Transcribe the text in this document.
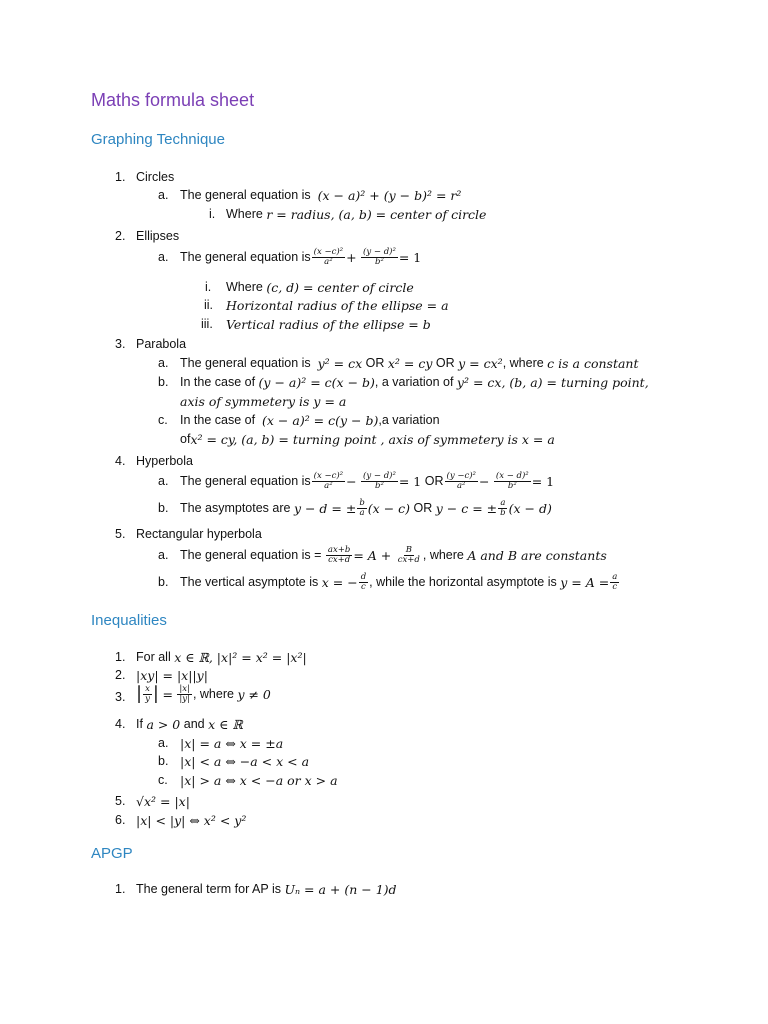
Maths formula sheet
Graphing Technique
1. Circles
a. The general equation is
(x − a)² + (y − b)² = r²
i. Where
r = radius, (a, b) = center of circle
2. Ellipses
a. The general equation is $\frac{\text{(x −c)²}}{\text{a²}}$ +
$\frac{\text{(y − d)²}}{\text{b²}} = 1$
i.	Where
(c, d) = center of circle
ii.	Horizontal radius of the ellipse = a
iii.	Vertical radius of the ellipse = b
3. Parabola
a. The general equation is
y² = cx
OR
x² = cy
OR
y = cx² , where
c is a constant
b. In the case of
(y − a)² = c(x − b) , a variation of
y² = cx, (b, a) = turning point,
axis of symmetery is y = a
c. In the case of
(x − a)² = c(y − b) ,a variation
of x² = cy, (a, b) = turning point , axis of symmetery is x = a
4. Hyperbola
a. The general equation is $\frac{\text{(x −c)²}}{\text{a²}}$ −
$\frac{\text{(y − d)²}}{\text{b²}} = 1$
OR $\frac{\text{(y −c)²}}{\text{a²}}$ −
$\frac{\text{(x − d)²}}{\text{b²}} = 1$
b. The asymptotes are
y − d = ± $\frac{b}{a} (x - c)$
OR
y − c = ± $\frac{a}{b} (x - d)$
5. Rectangular hyperbola
a. The general equation is =
$\frac{ax+b}{cx+d} = A$ +
$\frac{B}{cx+d}$ , where
A and B are constants
b. The vertical asymptote is
x = − $\frac{d}{c}$ , while the horizontal asymptote is
$y = A = \frac{a}{c}$
Inequalities
1. For all
x ∈ ℝ, |x|² = x² = |x²|
2. |xy| = |x||y|
3. | $\frac{x}{y}$ |
=
$\frac{|x|}{|y|}$ , where
y ≠ 0
4. If
a > 0
and
x ∈ ℝ
a. |x| = a ⇔ x = ±a
b. |x| < a ⇔ −a < x < a
c. |x| > a ⇔ x < −a or x > a
5. √x² = |x|
6. |x| < |y| ⇔ x² < y²
APGP
1. The general term for AP is
Uₙ = a + (n − 1)d
